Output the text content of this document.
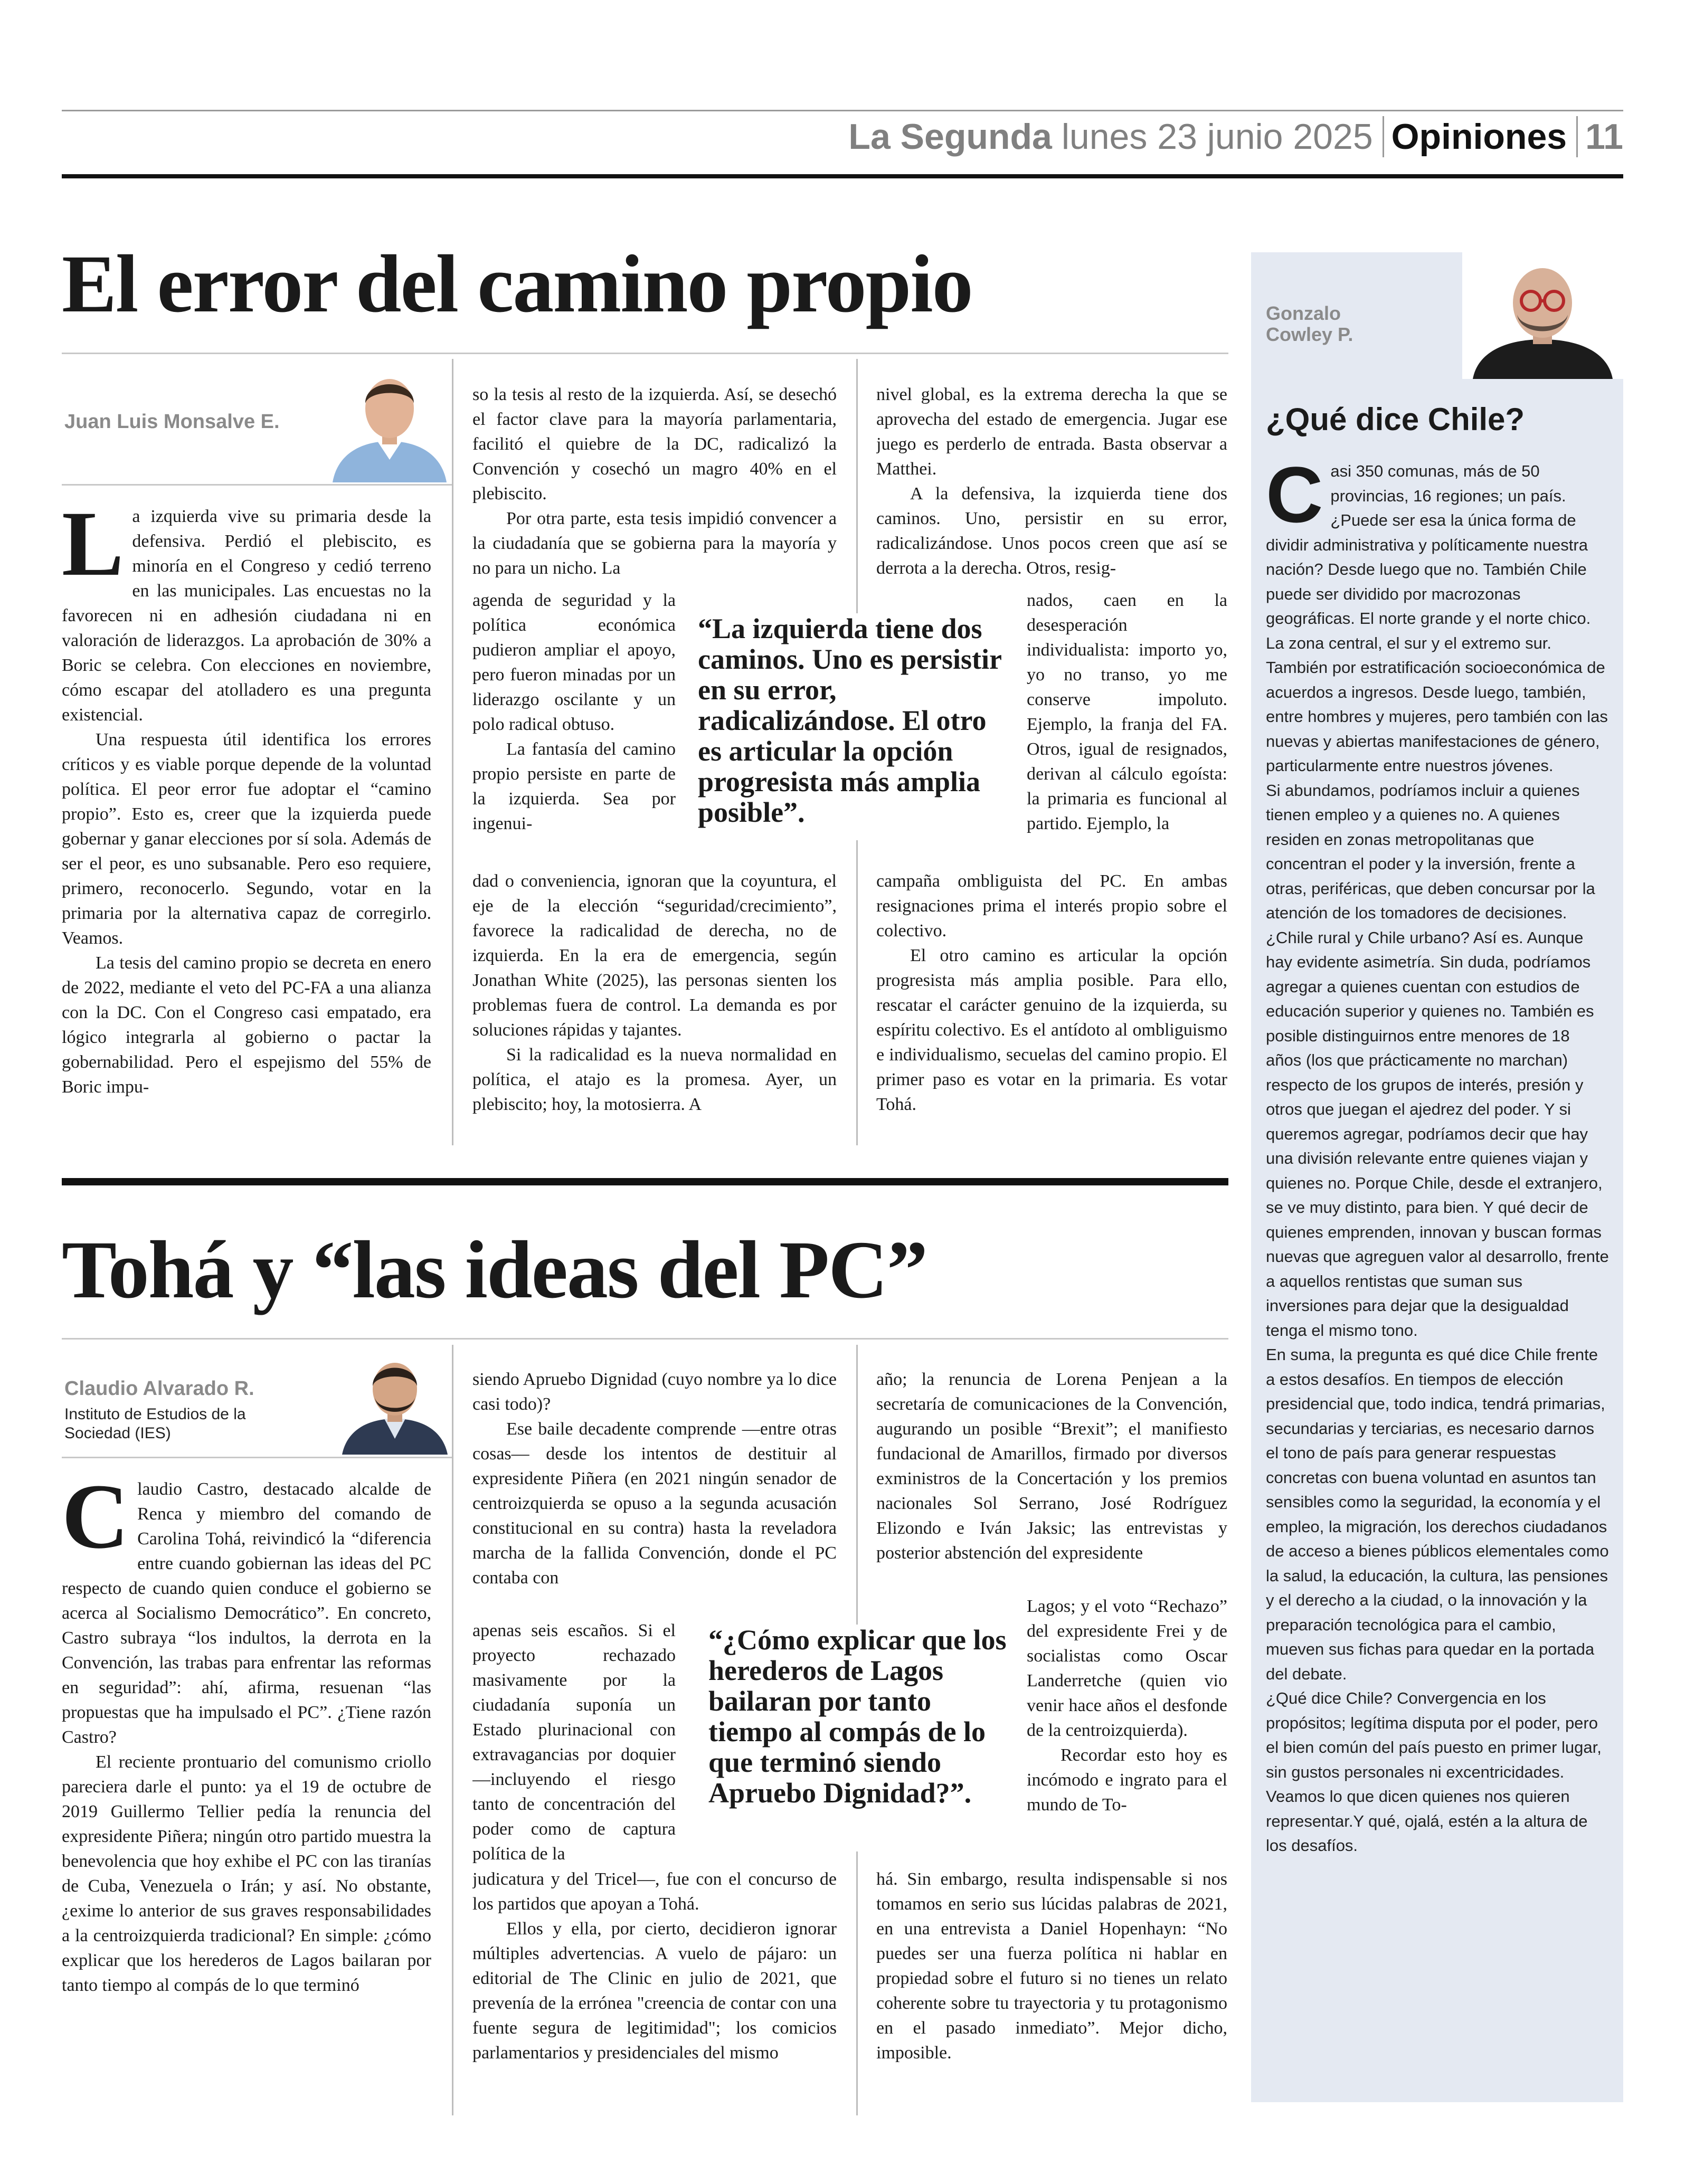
La Segunda lunes 23 junio 2025 Opiniones 11
El error del camino propio
Juan Luis Monsalve E.

La izquierda vive su primaria desde la defensiva. Perdió el plebiscito, es minoría en el Congreso y cedió terreno en las municipales. Las encuestas no la favorecen ni en adhesión ciudadana ni en valoración de liderazgos. La aprobación de 30% a Boric se celebra. Con elecciones en noviembre, cómo escapar del atolladero es una pregunta existencial.

Una respuesta útil identifica los errores críticos y es viable porque depende de la voluntad política. El peor error fue adoptar el “camino propio”. Esto es, creer que la izquierda puede gobernar y ganar elecciones por sí sola. Además de ser el peor, es uno subsanable. Pero eso requiere, primero, reconocerlo. Segundo, votar en la primaria por la alternativa capaz de corregirlo. Veamos.

La tesis del camino propio se decreta en enero de 2022, mediante el veto del PC-FA a una alianza con la DC. Con el Congreso casi empatado, era lógico integrarla al gobierno o pactar la gobernabilidad. Pero el espejismo del 55% de Boric impu-

so la tesis al resto de la izquierda. Así, se desechó el factor clave para la mayoría parlamentaria, facilitó el quiebre de la DC, radicalizó la Convención y cosechó un magro 40% en el plebiscito.

Por otra parte, esta tesis impidió convencer a la ciudadanía que se gobierna para la mayoría y no para un nicho. La

agenda de seguridad y la política económica pudieron ampliar el apoyo, pero fueron minadas por un liderazgo oscilante y un polo radical obtuso.

La fantasía del camino propio persiste en parte de la izquierda. Sea por ingenui-

dad o conveniencia, ignoran que la coyuntura, el eje de la elección “seguridad/crecimiento”, favorece la radicalidad de derecha, no de izquierda. En la era de emergencia, según Jonathan White (2025), las personas sienten los problemas fuera de control. La demanda es por soluciones rápidas y tajantes.

Si la radicalidad es la nueva normalidad en política, el atajo es la promesa. Ayer, un plebiscito; hoy, la motosierra. A

nivel global, es la extrema derecha la que se aprovecha del estado de emergencia. Jugar ese juego es perderlo de entrada. Basta observar a Matthei.

A la defensiva, la izquierda tiene dos caminos. Uno, persistir en su error, radicalizándose. Unos pocos creen que así se derrota a la derecha. Otros, resig-

nados, caen en la desesperación individualista: importo yo, yo no transo, yo me conserve impoluto. Ejemplo, la franja del FA. Otros, igual de resignados, derivan al cálculo egoísta: la primaria es funcional al partido. Ejemplo, la

campaña ombliguista del PC. En ambas resignaciones prima el interés propio sobre el colectivo.

El otro camino es articular la opción progresista más amplia posible. Para ello, rescatar el carácter genuino de la izquierda, su espíritu colectivo. Es el antídoto al ombliguismo e individualismo, secuelas del camino propio. El primer paso es votar en la primaria. Es votar Tohá.

“La izquierda tiene dos caminos. Uno es persistir en su error, radicalizándose. El otro es articular la opción progresista más amplia posible”.
Tohá y “las ideas del PC”
Claudio Alvarado R.
Instituto de Estudios de la Sociedad (IES)

Claudio Castro, destacado alcalde de Renca y miembro del comando de Carolina Tohá, reivindicó la “diferencia entre cuando gobiernan las ideas del PC respecto de cuando quien conduce el gobierno se acerca al Socialismo Democrático”. En concreto, Castro subraya “los indultos, la derrota en la Convención, las trabas para enfrentar las reformas en seguridad”: ahí, afirma, resuenan “las propuestas que ha impulsado el PC”. ¿Tiene razón Castro?

El reciente prontuario del comunismo criollo pareciera darle el punto: ya el 19 de octubre de 2019 Guillermo Tellier pedía la renuncia del expresidente Piñera; ningún otro partido muestra la benevolencia que hoy exhibe el PC con las tiranías de Cuba, Venezuela o Irán; y así. No obstante, ¿exime lo anterior de sus graves responsabilidades a la centroizquierda tradicional? En simple: ¿cómo explicar que los herederos de Lagos bailaran por tanto tiempo al compás de lo que terminó

siendo Apruebo Dignidad (cuyo nombre ya lo dice casi todo)?

Ese baile decadente comprende —entre otras cosas— desde los intentos de destituir al expresidente Piñera (en 2021 ningún senador de centroizquierda se opuso a la segunda acusación constitucional en su contra) hasta la reveladora marcha de la fallida Convención, donde el PC contaba con

apenas seis escaños. Si el proyecto rechazado masivamente por la ciudadanía suponía un Estado plurinacional con extravagancias por doquier —incluyendo el riesgo tanto de concentración del poder como de captura política de la

judicatura y del Tricel—, fue con el concurso de los partidos que apoyan a Tohá.

Ellos y ella, por cierto, decidieron ignorar múltiples advertencias. A vuelo de pájaro: un editorial de The Clinic en julio de 2021, que prevenía de la errónea "creencia de contar con una fuente segura de legitimidad"; los comicios parlamentarios y presidenciales del mismo

año; la renuncia de Lorena Penjean a la secretaría de comunicaciones de la Convención, augurando un posible “Brexit”; el manifiesto fundacional de Amarillos, firmado por diversos exministros de la Concertación y los premios nacionales Sol Serrano, José Rodríguez Elizondo e Iván Jaksic; las entrevistas y posterior abstención del expresidente

Lagos; y el voto “Rechazo” del expresidente Frei y de socialistas como Oscar Landerretche (quien vio venir hace años el desfonde de la centroizquierda).

Recordar esto hoy es incómodo e ingrato para el mundo de To-

há. Sin embargo, resulta indispensable si nos tomamos en serio sus lúcidas palabras de 2021, en una entrevista a Daniel Hopenhayn: “No puedes ser una fuerza política ni hablar en propiedad sobre el futuro si no tienes un relato coherente sobre tu trayectoria y tu protagonismo en el pasado inmediato”. Mejor dicho, imposible.

“¿Cómo explicar que los herederos de Lagos bailaran por tanto tiempo al compás de lo que terminó siendo Apruebo Dignidad?”.
Gonzalo
Cowley P.
¿Qué dice Chile?

Casi 350 comunas, más de 50 provincias, 16 regiones; un país. ¿Puede ser esa la única forma de dividir administrativa y políticamente nuestra nación? Desde luego que no. También Chile puede ser dividido por macrozonas geográficas. El norte grande y el norte chico. La zona central, el sur y el extremo sur. También por estratificación socioeconómica de acuerdos a ingresos. Desde luego, también, entre hombres y mujeres, pero también con las nuevas y abiertas manifestaciones de género, particularmente entre nuestros jóvenes.

Si abundamos, podríamos incluir a quienes tienen empleo y a quienes no. A quienes residen en zonas metropolitanas que concentran el poder y la inversión, frente a otras, periféricas, que deben concursar por la atención de los tomadores de decisiones. ¿Chile rural y Chile urbano? Así es. Aunque hay evidente asimetría. Sin duda, podríamos agregar a quienes cuentan con estudios de educación superior y quienes no. También es posible distinguirnos entre menores de 18 años (los que prácticamente no marchan) respecto de los grupos de interés, presión y otros que juegan el ajedrez del poder. Y si queremos agregar, podríamos decir que hay una división relevante entre quienes viajan y quienes no. Porque Chile, desde el extranjero, se ve muy distinto, para bien. Y qué decir de quienes emprenden, innovan y buscan formas nuevas que agreguen valor al desarrollo, frente a aquellos rentistas que suman sus inversiones para dejar que la desigualdad tenga el mismo tono.

En suma, la pregunta es qué dice Chile frente a estos desafíos. En tiempos de elección presidencial que, todo indica, tendrá primarias, secundarias y terciarias, es necesario darnos el tono de país para generar respuestas concretas con buena voluntad en asuntos tan sensibles como la seguridad, la economía y el empleo, la migración, los derechos ciudadanos de acceso a bienes públicos elementales como la salud, la educación, la cultura, las pensiones y el derecho a la ciudad, o la innovación y la preparación tecnológica para el cambio, mueven sus fichas para quedar en la portada del debate.

¿Qué dice Chile? Convergencia en los propósitos; legítima disputa por el poder, pero el bien común del país puesto en primer lugar, sin gustos personales ni excentricidades. Veamos lo que dicen quienes nos quieren representar.Y qué, ojalá, estén a la altura de los desafíos.
